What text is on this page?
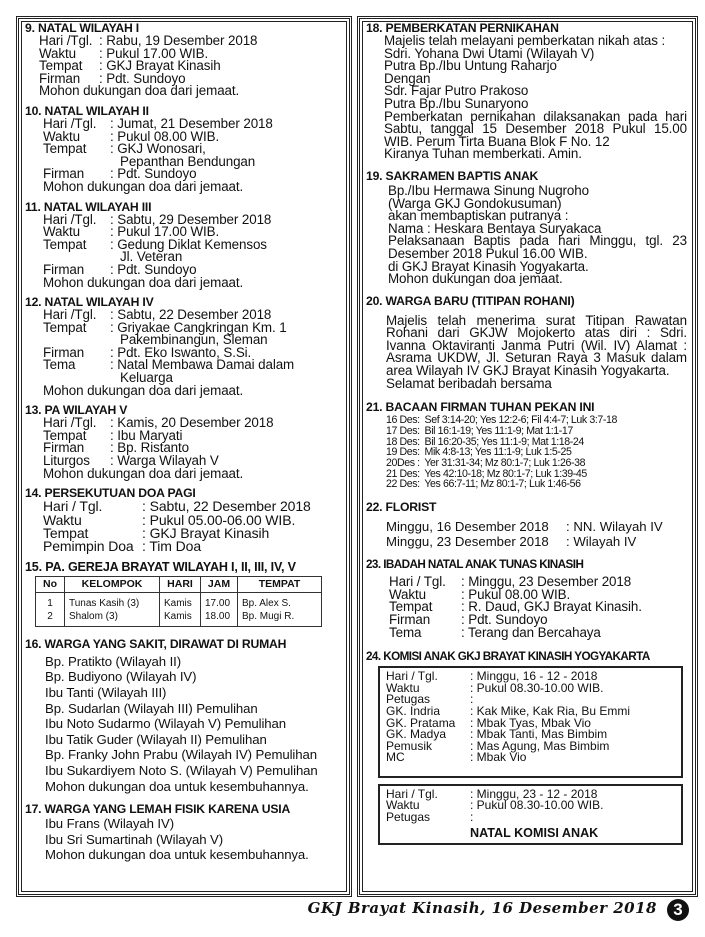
9. NATAL WILAYAH I
Hari /Tgl. : Rabu, 19 Desember 2018
Waktu	: Pukul 17.00 WIB.
Tempat	: GKJ Brayat Kinasih
Firman	: Pdt. Sundoyo
Mohon dukungan doa dari jemaat.
10. NATAL WILAYAH II
Hari /Tgl.	: Jumat, 21 Desember 2018
Waktu	: Pukul 08.00 WIB.
Tempat	: GKJ Wonosari,
Pepanthan Bendungan
Firman	: Pdt. Sundoyo
Mohon dukungan doa dari jemaat.
11. NATAL WILAYAH III
Hari /Tgl.	: Sabtu, 29 Desember 2018
Waktu	: Pukul 17.00 WIB.
Tempat	: Gedung Diklat Kemensos
Jl. Veteran
Firman	: Pdt. Sundoyo
Mohon dukungan doa dari jemaat.
12. NATAL WILAYAH IV
Hari /Tgl.	: Sabtu, 22 Desember 2018
Tempat	: Griyakae Cangkringan Km. 1
Pakembinangun, Sleman
Firman	: Pdt. Eko Iswanto, S.Si.
Tema	: Natal Membawa Damai dalam
Keluarga
Mohon dukungan doa dari jemaat.
13. PA WILAYAH V
Hari /Tgl.	: Kamis, 20 Desember 2018
Tempat	: Ibu Maryati
Firman	: Bp. Ristanto
Liturgos	: Warga Wilayah V
Mohon dukungan doa dari jemaat.
14. PERSEKUTUAN DOA PAGI
Hari / Tgl.	: Sabtu, 22 Desember 2018
Waktu	: Pukul 05.00-06.00 WIB.
Tempat	: GKJ Brayat Kinasih
Pemimpin Doa : Tim Doa
15. PA. GEREJA BRAYAT WILAYAH I, II, III, IV, V
No	KELOMPOK	HARI	JAM	TEMPAT
1	Tunas Kasih (3)	Kamis	17.00	Bp. Alex S.
2	Shalom (3)	Kamis	18.00	Bp. Mugi R.
16. WARGA YANG SAKIT, DIRAWAT DI RUMAH
Bp. Pratikto (Wilayah II)
Bp. Budiyono (Wilayah IV)
Ibu Tanti (Wilayah III)
Bp. Sudarlan (Wilayah III) Pemulihan
Ibu Noto Sudarmo (Wilayah V) Pemulihan
Ibu Tatik Guder (Wilayah II) Pemulihan
Bp. Franky John Prabu (Wilayah IV) Pemulihan
Ibu Sukardiyem Noto S. (Wilayah V) Pemulihan
Mohon dukungan doa untuk kesembuhannya.
17. WARGA YANG LEMAH FISIK KARENA USIA
Ibu Frans (Wilayah IV)
Ibu Sri Sumartinah (Wilayah V)
Mohon dukungan doa untuk kesembuhannya.
18. PEMBERKATAN PERNIKAHAN
Majelis telah melayani pemberkatan nikah atas :
Sdri. Yohana Dwi Utami (Wilayah V)
Putra Bp./Ibu Untung Raharjo
Dengan
Sdr. Fajar Putro Prakoso
Putra Bp./Ibu Sunaryono
Pemberkatan pernikahan dilaksanakan pada hari Sabtu, tanggal 15 Desember 2018 Pukul 15.00 WIB. Perum Tirta Buana Blok F No. 12
Kiranya Tuhan memberkati. Amin.
19. SAKRAMEN BAPTIS ANAK
Bp./Ibu Hermawa Sinung Nugroho
(Warga GKJ Gondokusuman)
akan membaptiskan putranya :
Nama : Heskara Bentaya Suryakaca
Pelaksanaan Baptis pada hari Minggu, tgl. 23 Desember 2018 Pukul 16.00 WIB.
di GKJ Brayat Kinasih Yogyakarta.
Mohon dukungan doa jemaat.
20. WARGA BARU (TITIPAN ROHANI)
Majelis telah menerima surat Titipan Rawatan Rohani dari GKJW Mojokerto atas diri : Sdri. Ivanna Oktaviranti Janma Putri (Wil. IV) Alamat : Asrama UKDW, Jl. Seturan Raya 3 Masuk dalam area Wilayah IV GKJ Brayat Kinasih Yogyakarta.
Selamat beribadah bersama
21. BACAAN FIRMAN TUHAN PEKAN INI
16 Des: Sef 3:14-20; Yes 12:2-6; Fil 4:4-7; Luk 3:7-18
17 Des: Bil 16:1-19; Yes 11:1-9; Mat 1:1-17
18 Des: Bil 16:20-35; Yes 11:1-9; Mat 1:18-24
19 Des: Mik 4:8-13; Yes 11:1-9; Luk 1:5-25
20Des : Yer 31:31-34; Mz 80:1-7; Luk 1:26-38
21 Des: Yes 42:10-18; Mz 80:1-7; Luk 1:39-45
22 Des: Yes 66:7-11; Mz 80:1-7; Luk 1:46-56
22. FLORIST
Minggu, 16 Desember 2018	: NN. Wilayah IV
Minggu, 23 Desember 2018	: Wilayah IV
23. IBADAH NATAL ANAK TUNAS KINASIH
Hari / Tgl.	: Minggu, 23 Desember 2018
Waktu	: Pukul 08.00 WIB.
Tempat	: R. Daud, GKJ Brayat Kinasih.
Firman	: Pdt. Sundoyo
Tema	: Terang dan Bercahaya
24. KOMISI ANAK GKJ BRAYAT KINASIH YOGYAKARTA
Hari / Tgl.	: Minggu, 16 - 12 - 2018
Waktu	: Pukul 08.30-10.00 WIB.
Petugas	:
GK. Indria	: Kak Mike, Kak Ria, Bu Emmi
GK. Pratama	: Mbak Tyas, Mbak Vio
GK. Madya	: Mbak Tanti, Mas Bimbim
Pemusik	: Mas Agung, Mas Bimbim
MC	: Mbak Vio
Hari / Tgl.	: Minggu, 23 - 12 - 2018
Waktu	: Pukul 08.30-10.00 WIB.
Petugas	:
NATAL KOMISI ANAK
GKJ Brayat Kinasih, 16 Desember 2018 3
